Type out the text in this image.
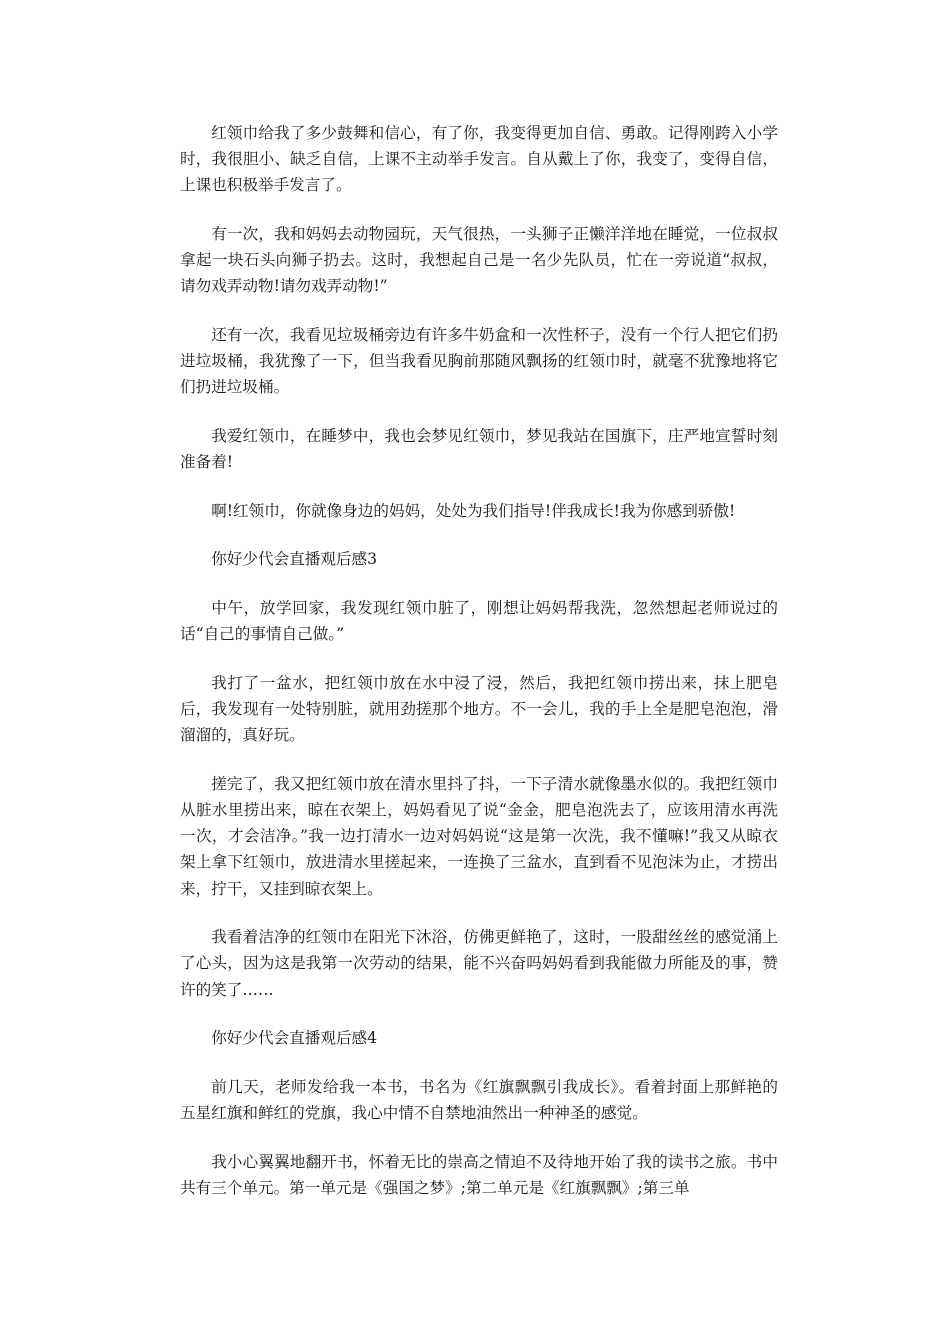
红领巾给我了多少鼓舞和信心，有了你，我变得更加自信、勇敢。记得刚跨入小学时，我很胆小、缺乏自信，上课不主动举手发言。自从戴上了你，我变了，变得自信，上课也积极举手发言了。

有一次，我和妈妈去动物园玩，天气很热，一头狮子正懒洋洋地在睡觉，一位叔叔拿起一块石头向狮子扔去。这时，我想起自己是一名少先队员，忙在一旁说道“叔叔，请勿戏弄动物!请勿戏弄动物!”

还有一次，我看见垃圾桶旁边有许多牛奶盒和一次性杯子，没有一个行人把它们扔进垃圾桶，我犹豫了一下，但当我看见胸前那随风飘扬的红领巾时，就毫不犹豫地将它们扔进垃圾桶。

我爱红领巾，在睡梦中，我也会梦见红领巾，梦见我站在国旗下，庄严地宣誓时刻准备着!

啊!红领巾，你就像身边的妈妈，处处为我们指导!伴我成长!我为你感到骄傲!

你好少代会直播观后感3

中午，放学回家，我发现红领巾脏了，刚想让妈妈帮我洗，忽然想起老师说过的话“自己的事情自己做。”

我打了一盆水，把红领巾放在水中浸了浸，然后，我把红领巾捞出来，抹上肥皂后，我发现有一处特别脏，就用劲搓那个地方。不一会儿，我的手上全是肥皂泡泡，滑溜溜的，真好玩。

搓完了，我又把红领巾放在清水里抖了抖，一下子清水就像墨水似的。我把红领巾从脏水里捞出来，晾在衣架上，妈妈看见了说“金金，肥皂泡洗去了，应该用清水再洗一次，才会洁净。”我一边打清水一边对妈妈说“这是第一次洗，我不懂嘛!”我又从晾衣架上拿下红领巾，放进清水里搓起来，一连换了三盆水，直到看不见泡沫为止，才捞出来，拧干，又挂到晾衣架上。

我看着洁净的红领巾在阳光下沐浴，仿佛更鲜艳了，这时，一股甜丝丝的感觉涌上了心头，因为这是我第一次劳动的结果，能不兴奋吗妈妈看到我能做力所能及的事，赞许的笑了……

你好少代会直播观后感4

前几天，老师发给我一本书，书名为《红旗飘飘引我成长》。看着封面上那鲜艳的五星红旗和鲜红的党旗，我心中情不自禁地油然出一种神圣的感觉。

我小心翼翼地翻开书，怀着无比的崇高之情迫不及待地开始了我的读书之旅。书中共有三个单元。第一单元是《强国之梦》;第二单元是《红旗飘飘》;第三单
